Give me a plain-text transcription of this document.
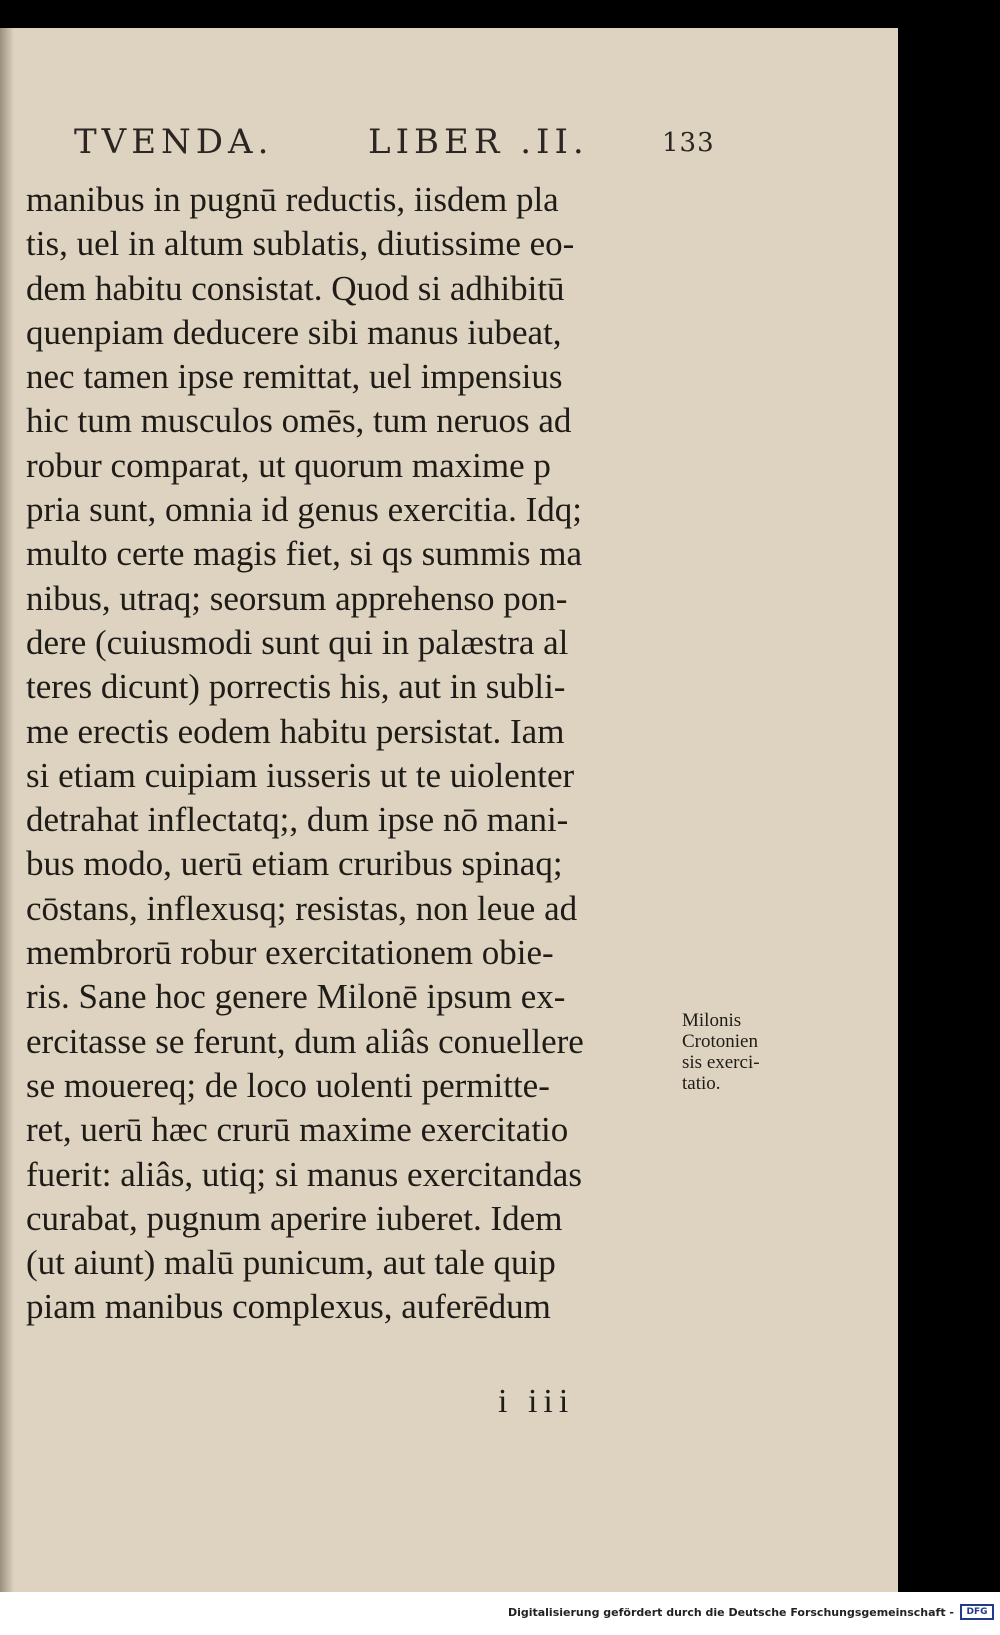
TVENDA.	LIBER .II.	133
manibus in pugnū reductis, iisdem pla
tis, uel in altum sublatis, diutissime eo-
dem habitu consistat. Quod si adhibitū
quenpiam deducere sibi manus iubeat,
nec tamen ipse remittat, uel impensius
hic tum musculos omēs, tum neruos ad
robur comparat, ut quorum maxime p
pria sunt, omnia id genus exercitia. Idq;
multo certe magis fiet, si qs summis ma
nibus, utraq; seorsum apprehenso pon-
dere (cuiusmodi sunt qui in palæstra al
teres dicunt) porrectis his, aut in subli-
me erectis eodem habitu persistat. Iam
si etiam cuipiam iusseris ut te uiolenter
detrahat inflectatq;, dum ipse nō mani-
bus modo, uerū etiam cruribus spinaq;
cōstans, inflexusq; resistas, non leue ad
membrorū robur exercitationem obie-
ris. Sane hoc genere Milonē ipsum ex-
ercitasse se ferunt, dum aliâs conuellere
se mouereq; de loco uolenti permitte-
ret, uerū hæc crurū maxime exercitatio
fuerit: aliâs, utiq; si manus exercitandas
curabat, pugnum aperire iuberet. Idem
(ut aiunt) malū punicum, aut tale quip
piam manibus complexus, auferēdum
Milonis
Crotonien
sis exerci-
tatio.
i iii
Digitalisierung gefördert durch die Deutsche Forschungsgemeinschaft -	DFG
